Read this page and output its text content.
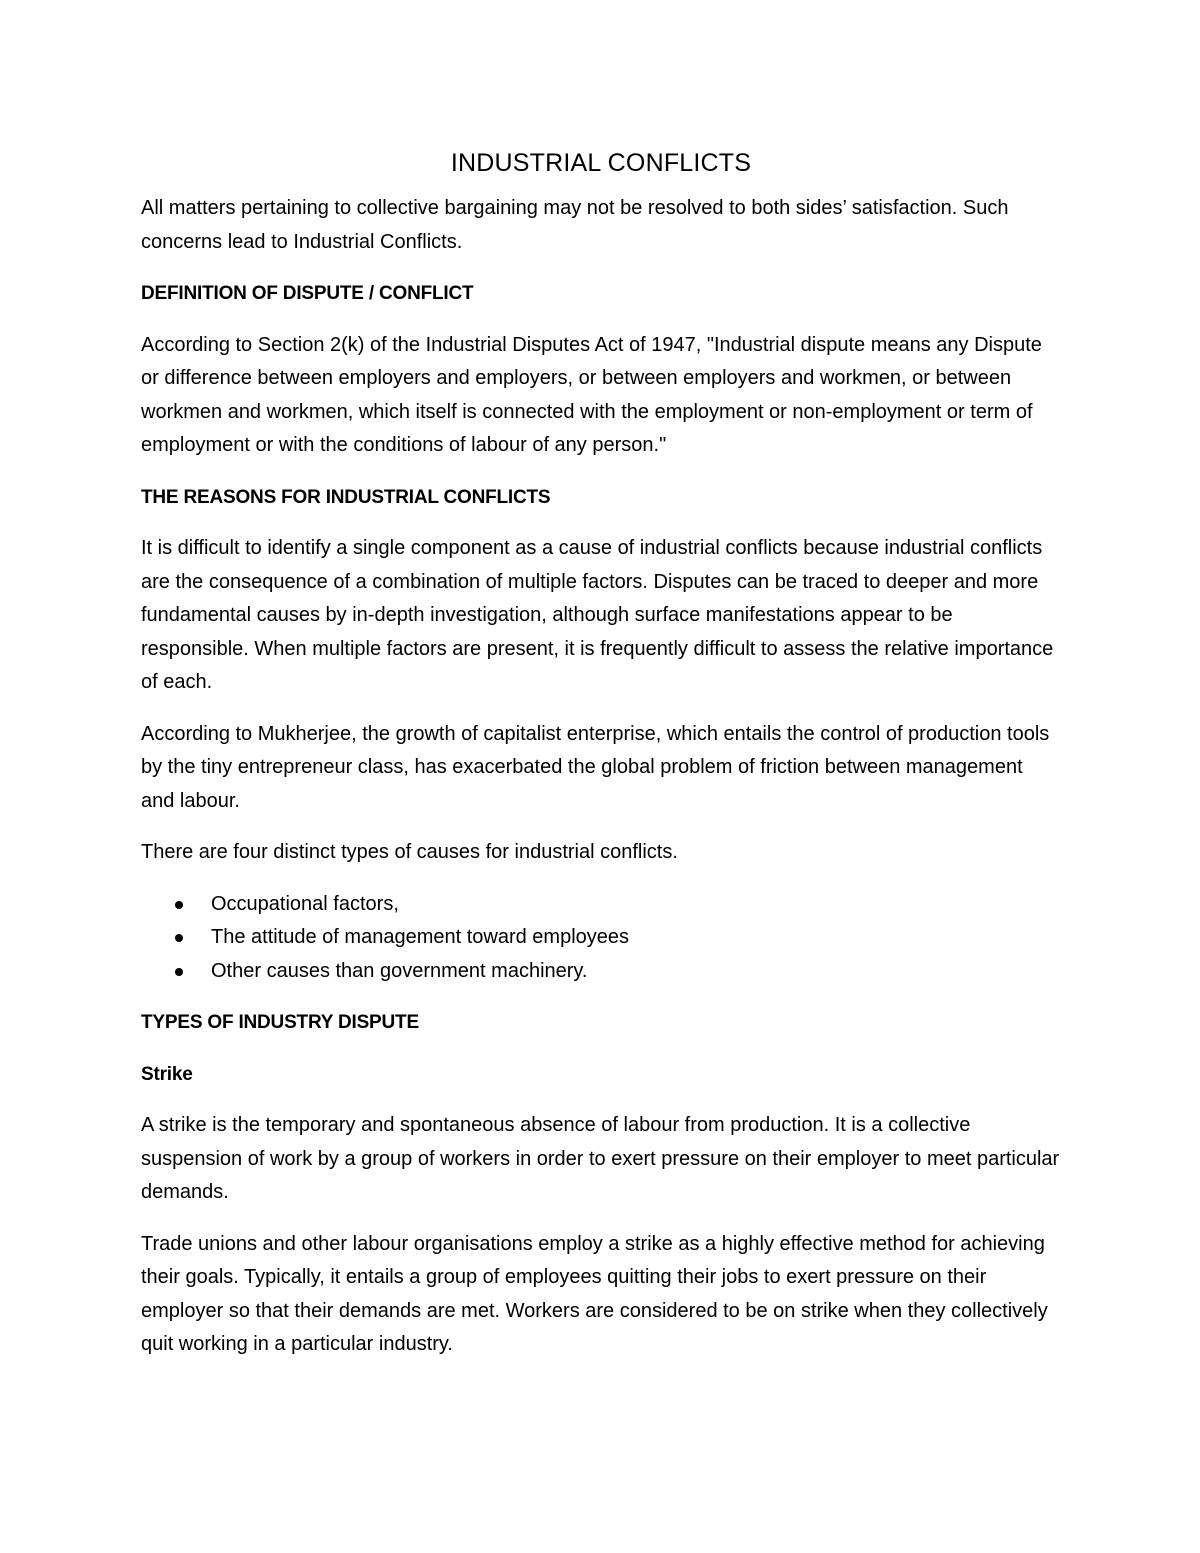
INDUSTRIAL CONFLICTS

All matters pertaining to collective bargaining may not be resolved to both sides’ satisfaction. Such concerns lead to Industrial Conflicts.

DEFINITION OF DISPUTE / CONFLICT

According to Section 2(k) of the Industrial Disputes Act of 1947, "Industrial dispute means any Dispute or difference between employers and employers, or between employers and workmen, or between workmen and workmen, which itself is connected with the employment or non-employment or term of employment or with the conditions of labour of any person."

THE REASONS FOR INDUSTRIAL CONFLICTS

It is difficult to identify a single component as a cause of industrial conflicts because industrial conflicts are the consequence of a combination of multiple factors. Disputes can be traced to deeper and more fundamental causes by in-depth investigation, although surface manifestations appear to be responsible. When multiple factors are present, it is frequently difficult to assess the relative importance of each.

According to Mukherjee, the growth of capitalist enterprise, which entails the control of production tools by the tiny entrepreneur class, has exacerbated the global problem of friction between management and labour.

There are four distinct types of causes for industrial conflicts.

Occupational factors,
The attitude of management toward employees
Other causes than government machinery.

TYPES OF INDUSTRY DISPUTE

Strike

A strike is the temporary and spontaneous absence of labour from production. It is a collective suspension of work by a group of workers in order to exert pressure on their employer to meet particular demands.

Trade unions and other labour organisations employ a strike as a highly effective method for achieving their goals. Typically, it entails a group of employees quitting their jobs to exert pressure on their employer so that their demands are met. Workers are considered to be on strike when they collectively quit working in a particular industry.
